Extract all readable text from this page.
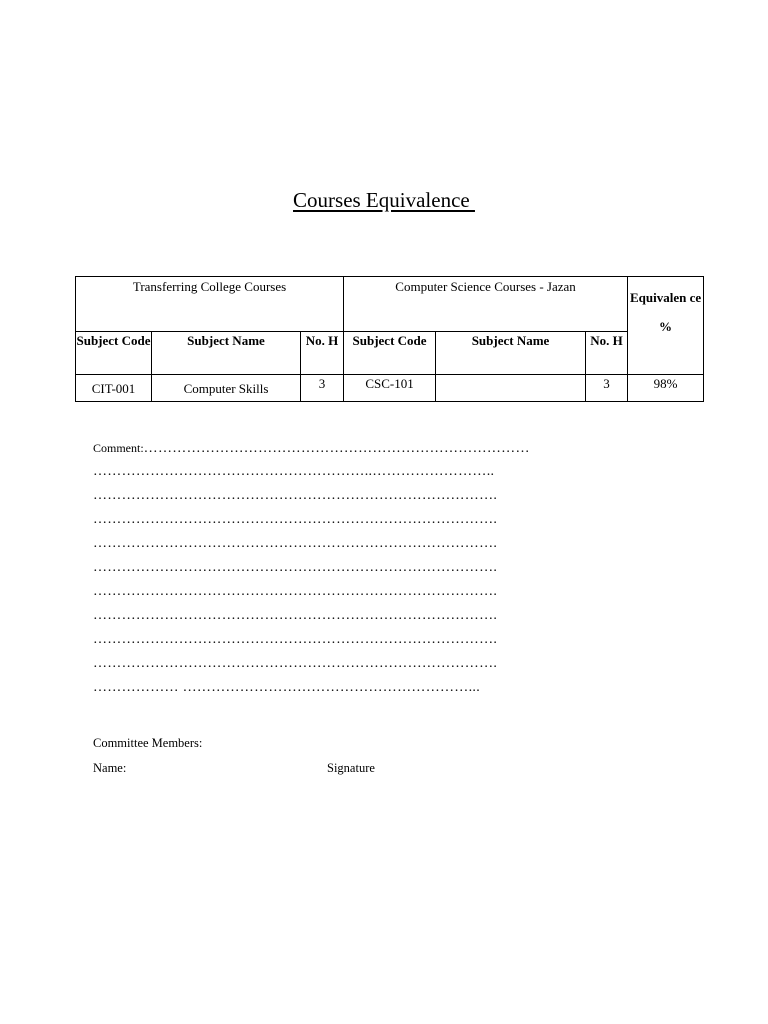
Courses Equivalence
Transferring College Courses			Computer Science Courses - Jazan			Equivalen ce
%

Subject Code	Subject Name	No. H	Subject Code	Subject Name	No. H	
CIT-001	Computer Skills	3	CSC-101		3	98%
Comment:………………………………………………………………………
…………………………………………………..……………………..
………………………………………………………………………….
………………………………………………………………………….
………………………………………………………………………….
………………………………………………………………………….
………………………………………………………………………….
………………………………………………………………………….
………………………………………………………………………….
………………………………………………………………………….
……………… ……………………………………………………...
Committee Members:
Name:	Signature
